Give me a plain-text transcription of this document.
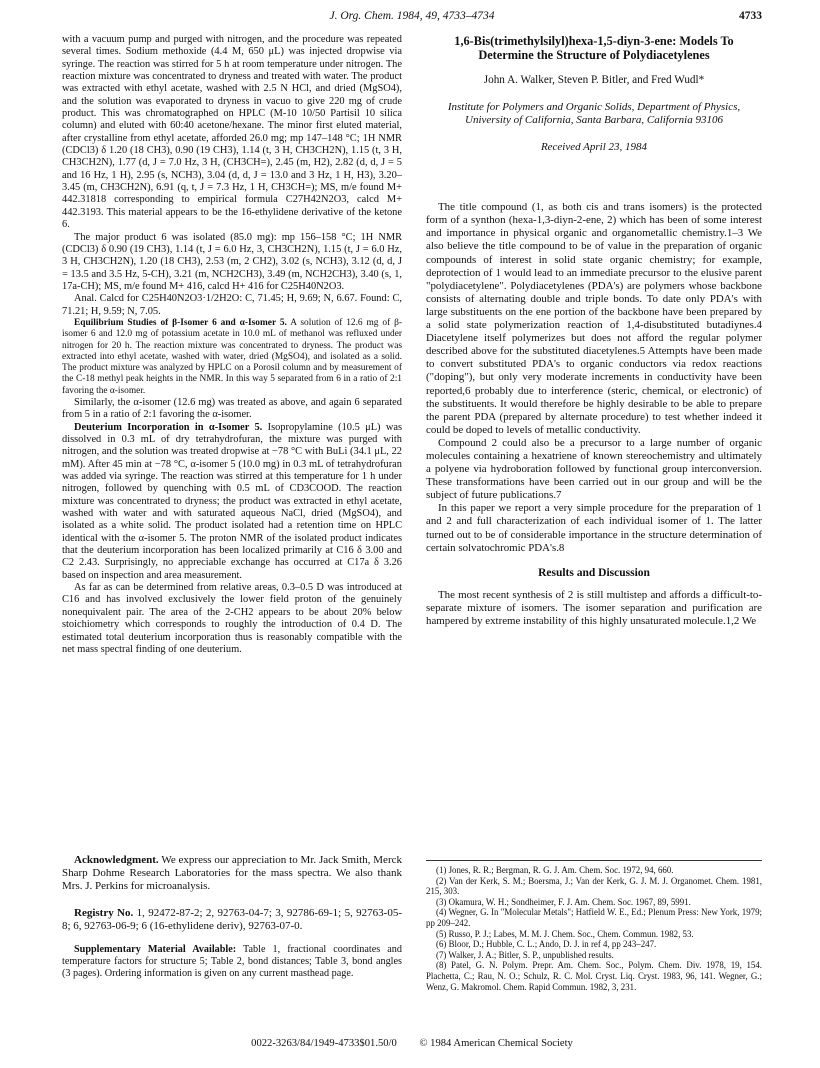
J. Org. Chem. 1984, 49, 4733–4734	4733

with a vacuum pump and purged with nitrogen, and the procedure was repeated several times. Sodium methoxide (4.4 M, 650 μL) was injected dropwise via syringe. The reaction was stirred for 5 h at room temperature under nitrogen. The reaction mixture was concentrated to dryness and treated with water. The product was extracted with ethyl acetate, washed with 2.5 N HCl, and dried (MgSO4), and the solution was evaporated to dryness in vacuo to give 220 mg of crude product. This was chromatographed on HPLC (M-10 10/50 Partisil 10 silica column) and eluted with 60:40 acetone/hexane. The minor first eluted material, after crystalline from ethyl acetate, afforded 26.0 mg; mp 147–148 °C; 1H NMR (CDCl3) δ 1.20 (18 CH3), 0.90 (19 CH3), 1.14 (t, 3 H, CH3CH2N), 1.15 (t, 3 H, CH3CH2N), 1.77 (d, J = 7.0 Hz, 3 H, (CH3CH=), 2.45 (m, H2), 2.82 (d, d, J = 5 and 16 Hz, 1 H), 2.95 (s, NCH3), 3.04 (d, d, J = 13.0 and 3 Hz, 1 H, H3), 3.20–3.45 (m, CH3CH2N), 6.91 (q, t, J = 7.3 Hz, 1 H, CH3CH=); MS, m/e found M+ 442.31818 corresponding to empirical formula C27H42N2O3, calcd M+ 442.3193. This material appears to be the 16-ethylidene derivative of the ketone 6.

The major product 6 was isolated (85.0 mg): mp 156–158 °C; 1H NMR (CDCl3) δ 0.90 (19 CH3), 1.14 (t, J = 6.0 Hz, 3, CH3CH2N), 1.15 (t, J = 6.0 Hz, 3 H, CH3CH2N), 1.20 (18 CH3), 2.53 (m, 2 CH2), 3.02 (s, NCH3), 3.12 (d, d, J = 13.5 and 3.5 Hz, 5-CH), 3.21 (m, NCH2CH3), 3.49 (m, NCH2CH3), 3.40 (s, 1, 17a-CH); MS, m/e found M+ 416, calcd H+ 416 for C25H40N2O3.

Anal. Calcd for C25H40N2O3·1/2H2O: C, 71.45; H, 9.69; N, 6.67. Found: C, 71.21; H, 9.59; N, 7.05.

Equilibrium Studies of β-Isomer 6 and α-Isomer 5. A solution of 12.6 mg of β-isomer 6 and 12.0 mg of potassium acetate in 10.0 mL of methanol was refluxed under nitrogen for 20 h. The reaction mixture was concentrated to dryness. The product was extracted into ethyl acetate, washed with water, dried (MgSO4), and isolated as a solid. The product mixture was analyzed by HPLC on a Porosil column and by measurement of the C-18 methyl peak heights in the NMR. In this way 5 separated from 6 in a ratio of 2:1 favoring the α-isomer.

Similarly, the α-isomer (12.6 mg) was treated as above, and again 6 separated from 5 in a ratio of 2:1 favoring the α-isomer.

Deuterium Incorporation in α-Isomer 5. Isopropylamine (10.5 μL) was dissolved in 0.3 mL of dry tetrahydrofuran, the mixture was purged with nitrogen, and the solution was treated dropwise at −78 °C with BuLi (34.1 μL, 22 mM). After 45 min at −78 °C, α-isomer 5 (10.0 mg) in 0.3 mL of tetrahydrofuran was added via syringe. The reaction was stirred at this temperature for 1 h under nitrogen, followed by quenching with 0.5 mL of CD3COOD. The reaction mixture was concentrated to dryness; the product was extracted in ethyl acetate, washed with water and with saturated aqueous NaCl, dried (MgSO4), and isolated as a white solid. The product isolated had a retention time on HPLC identical with the α-isomer 5. The proton NMR of the isolated product indicates that the deuterium incorporation has been localized primarily at C16 δ 3.00 and C2 2.43. Surprisingly, no appreciable exchange has occurred at C17a δ 3.26 based on inspection and area measurement.

As far as can be determined from relative areas, 0.3–0.5 D was introduced at C16 and has involved exclusively the lower field proton of the genuinely nonequivalent pair. The area of the 2-CH2 appears to be about 20% below stoichiometry which corresponds to roughly the introduction of 0.4 D. The estimated total deuterium incorporation thus is reasonably compatible with the net mass spectral finding of one deuterium.

Acknowledgment. We express our appreciation to Mr. Jack Smith, Merck Sharp Dohme Research Laboratories for the mass spectra. We also thank Mrs. J. Perkins for microanalysis.

Registry No. 1, 92472-87-2; 2, 92763-04-7; 3, 92786-69-1; 5, 92763-05-8; 6, 92763-06-9; 6 (16-ethylidene deriv), 92763-07-0.

Supplementary Material Available: Table 1, fractional coordinates and temperature factors for structure 5; Table 2, bond distances; Table 3, bond angles (3 pages). Ordering information is given on any current masthead page.

1,6-Bis(trimethylsilyl)hexa-1,5-diyn-3-ene: Models To Determine the Structure of Polydiacetylenes
John A. Walker, Steven P. Bitler, and Fred Wudl*
Institute for Polymers and Organic Solids, Department of Physics, University of California, Santa Barbara, California 93106
Received April 23, 1984

The title compound (1, as both cis and trans isomers) is the protected form of a synthon (hexa-1,3-diyn-2-ene, 2) which has been of some interest and importance in physical organic and organometallic chemistry.1–3 We also believe the title compound to be of value in the preparation of organic compounds of interest in solid state organic chemistry; for example, deprotection of 1 would lead to an immediate precursor to the elusive parent "polydiacetylene". Polydiacetylenes (PDA's) are polymers whose backbone consists of alternating double and triple bonds. To date only PDA's with large substituents on the ene portion of the backbone have been prepared by a solid state polymerization reaction of 1,4-disubstituted butadiynes.4 Diacetylene itself polymerizes but does not afford the regular polymer described above for the substituted diacetylenes.5 Attempts have been made to convert substituted PDA's to organic conductors via redox reactions ("doping"), but only very moderate increments in conductivity have been reported,6 probably due to interference (steric, chemical, or electronic) of the substituents. It would therefore be highly desirable to be able to prepare the parent PDA (prepared by alternate procedure) to test whether indeed it could be doped to levels of metallic conductivity.

Compound 2 could also be a precursor to a large number of organic molecules containing a hexatriene of known stereochemistry and ultimately a polyene via hydroboration followed by functional group interconversion. These transformations have been carried out in our group and will be the subject of future publications.7

In this paper we report a very simple procedure for the preparation of 1 and 2 and full characterization of each individual isomer of 1. The latter turned out to be of considerable importance in the structure determination of certain solvatochromic PDA's.8

Results and Discussion

The most recent synthesis of 2 is still multistep and affords a difficult-to-separate mixture of isomers. The isomer separation and purification are hampered by extreme instability of this highly unsaturated molecule.1,2 We

(1) Jones, R. R.; Bergman, R. G. J. Am. Chem. Soc. 1972, 94, 660.

(2) Van der Kerk, S. M.; Boersma, J.; Van der Kerk, G. J. M. J. Organomet. Chem. 1981, 215, 303.

(3) Okamura, W. H.; Sondheimer, F. J. Am. Chem. Soc. 1967, 89, 5991.

(4) Wegner, G. In "Molecular Metals"; Hatfield W. E., Ed.; Plenum Press: New York, 1979; pp 209–242.

(5) Russo, P. J.; Labes, M. M. J. Chem. Soc., Chem. Commun. 1982, 53.

(6) Bloor, D.; Hubble, C. L.; Ando, D. J. in ref 4, pp 243–247.

(7) Walker, J. A.; Bitler, S. P., unpublished results.

(8) Patel, G. N. Polym. Prepr. Am. Chem. Soc., Polym. Chem. Div. 1978, 19, 154. Plachetta, C.; Rau, N. O.; Schulz, R. C. Mol. Cryst. Liq. Cryst. 1983, 96, 141. Wegner, G.; Wenz, G. Makromol. Chem. Rapid Commun. 1982, 3, 231.

0022-3263/84/1949-4733$01.50/0 © 1984 American Chemical Society
